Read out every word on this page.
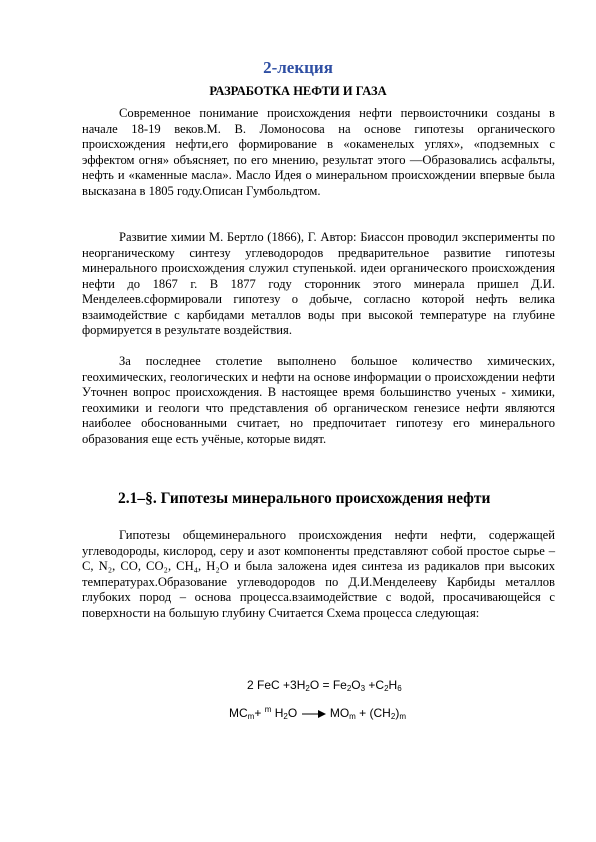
2-лекция
РАЗРАБОТКА НЕФТИ И ГАЗА

Современное понимание происхождения нефти первоисточники созданы в начале 18-19 веков.М. В. Ломоносова на основе гипотезы органического происхождения нефти,его формирование в «окаменелых углях», «подземных с эффектом огня» объясняет, по его мнению, результат этого —Образовались асфальты, нефть и «каменные масла». Масло Идея о минеральном происхождении впервые была высказана в 1805 году.Описан Гумбольдтом.

Развитие химии М. Бертло (1866), Г. Автор: Биассон проводил эксперименты по неорганическому синтезу углеводородов предварительное развитие гипотезы минерального происхождения служил ступенькой. идеи органического происхождения нефти до 1867 г. В 1877 году сторонник этого минерала пришел Д.И. Менделеев.сформировали гипотезу о добыче, согласно которой нефть велика взаимодействие с карбидами металлов воды при высокой температуре на глубине формируется в результате воздействия.

За последнее столетие выполнено большое количество химических, геохимических, геологических и нефти на основе информации о происхождении нефти Уточнен вопрос происхождения. В настоящее время большинство ученых - химики, геохимики и геологи что представления об органическом генезисе нефти являются наиболее обоснованными считает, но предпочитает гипотезу его минерального образования еще есть учёные, которые видят.

2.1–§. Гипотезы минерального происхождения нефти

Гипотезы общеминерального происхождения нефти нефти, содержащей углеводороды, кислород, серу и азот компоненты представляют собой простое сырье – C, N₂, CO, CO₂, CH₄, H₂O и была заложена идея синтеза из радикалов при высоких температурах.Образование углеводородов по Д.И.Менделееву Карбиды металлов глубоких пород – основа процесса.взаимодействие с водой, просачивающейся с поверхности на большую глубину Считается Схема процесса следующая:

2 FeC $+3H_2O = Fe_2O_3 +C_2H_6$
$MC_m+ ^m$ $H_2O \to MO_m + (CH_2)_m$
